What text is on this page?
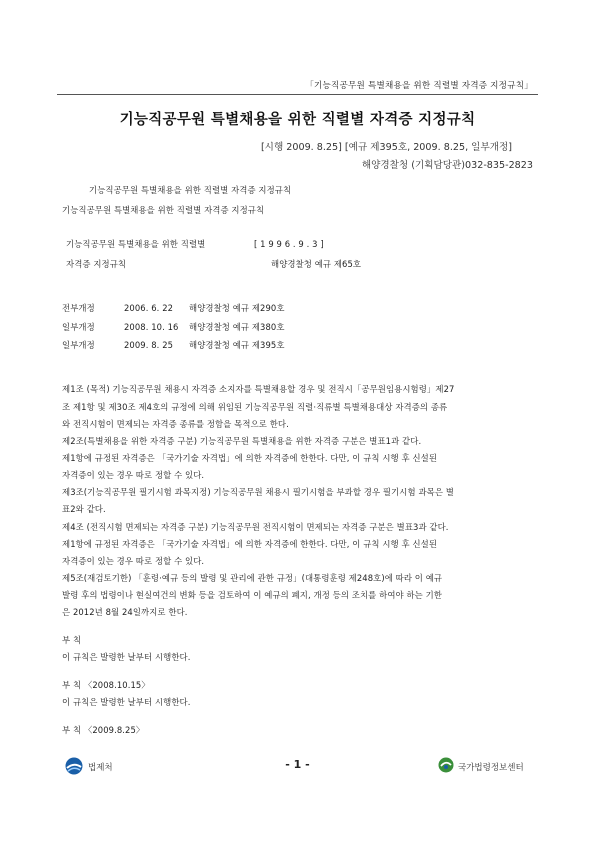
「기능직공무원 특별채용을 위한 직렬별 자격증 지정규칙」
기능직공무원 특별채용을 위한 직렬별 자격증 지정규칙
[시행 2009. 8.25] [예규 제395호, 2009. 8.25, 일부개정]
해양경찰청 (기획담당관)032-835-2823
기능직공무원 특별채용을 위한 직렬별 자격증 지정규칙
기능직공무원 특별채용을 위한 직렬별 자격증 지정규칙
기능직공무원 특별채용을 위한 직렬별	[ 1 9 9 6 . 9 . 3 ]
자격증 지정규칙	해양경찰청 예규 제65호
전부개정	2006. 6. 22 해양경찰청 예규 제290호
일부개정	2008. 10. 16 해양경찰청 예규 제380호
일부개정	2009. 8. 25 해양경찰청 예규 제395호
제1조 (목적) 기능직공무원 채용시 자격증 소지자를 특별채용할 경우 및 전직시「공무원임용시험령」제27
조 제1항 및 제30조 제4호의 규정에 의해 위임된 기능직공무원 직렬·직류별 특별채용대상 자격증의 종류
와 전직시험이 면제되는 자격증 종류를 정함을 목적으로 한다.
제2조(특별채용을 위한 자격증 구분) 기능직공무원 특별채용을 위한 자격증 구분은 별표1과 같다.
제1항에 규정된 자격증은 「국가기술 자격법」에 의한 자격증에 한한다. 다만, 이 규칙 시행 후 신설된
자격증이 있는 경우 따로 정할 수 있다.
제3조(기능직공무원 필기시험 과목지정) 기능직공무원 채용시 필기시험을 부과할 경우 필기시험 과목은 별
표2와 같다.
제4조 (전직시험 면제되는 자격증 구분) 기능직공무원 전직시험이 면제되는 자격증 구분은 별표3과 같다.
제1항에 규정된 자격증은 「국가기술 자격법」에 의한 자격증에 한한다. 다만, 이 규칙 시행 후 신설된
자격증이 있는 경우 따로 정할 수 있다.
제5조(재검토기한) 「훈령·예규 등의 발령 및 관리에 관한 규정」(대통령훈령 제248호)에 따라 이 예규
발령 후의 법령이나 현실여건의 변화 등을 검토하여 이 예규의 폐지, 개정 등의 조치를 하여야 하는 기한
은 2012년 8월 24일까지로 한다.
부 칙
이 규칙은 발령한 날부터 시행한다.
부 칙 〈2008.10.15〉
이 규칙은 발령한 날부터 시행한다.
부 칙 〈2009.8.25〉
법제처	- 1 -	국가법령정보센터
